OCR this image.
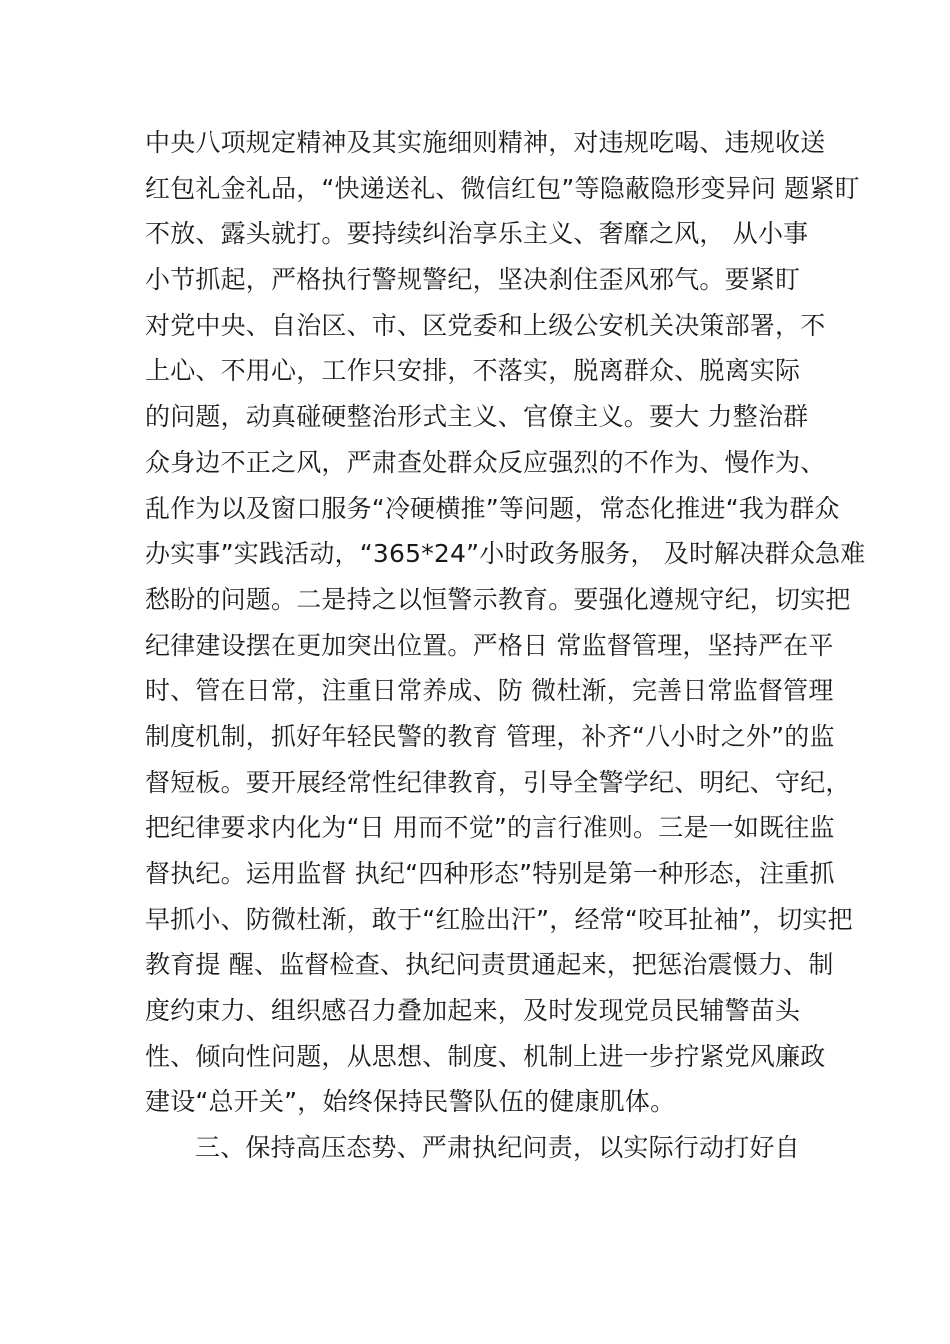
中央八项规定精神及其实施细则精神，对违规吃喝、违规收送
红包礼金礼品，“快递送礼、微信红包”等隐蔽隐形变异问 题紧盯
不放、露头就打。要持续纠治享乐主义、奢靡之风， 从小事
小节抓起，严格执行警规警纪，坚决刹住歪风邪气。要紧盯
对党中央、自治区、市、区党委和上级公安机关决策部署，不
上心、不用心，工作只安排，不落实，脱离群众、脱离实际
的问题，动真碰硬整治形式主义、官僚主义。要大 力整治群
众身边不正之风，严肃查处群众反应强烈的不作为、慢作为、
乱作为以及窗口服务“冷硬横推”等问题，常态化推进“我为群众
办实事”实践活动，“365*24”小时政务服务， 及时解决群众急难
愁盼的问题。二是持之以恒警示教育。要强化遵规守纪，切实把
纪律建设摆在更加突出位置。严格日 常监督管理，坚持严在平
时、管在日常，注重日常养成、防 微杜渐，完善日常监督管理
制度机制，抓好年轻民警的教育 管理，补齐“八小时之外”的监
督短板。要开展经常性纪律教育，引导全警学纪、明纪、守纪，
把纪律要求内化为“日 用而不觉”的言行准则。三是一如既往监
督执纪。运用监督 执纪“四种形态”特别是第一种形态，注重抓
早抓小、防微杜渐，敢于“红脸出汗”，经常“咬耳扯袖”，切实把
教育提 醒、监督检查、执纪问责贯通起来，把惩治震慑力、制
度约束力、组织感召力叠加起来，及时发现党员民辅警苗头
性、倾向性问题，从思想、制度、机制上进一步拧紧党风廉政
建设“总开关”，始终保持民警队伍的健康肌体。
三、保持高压态势、严肃执纪问责，以实际行动打好自
